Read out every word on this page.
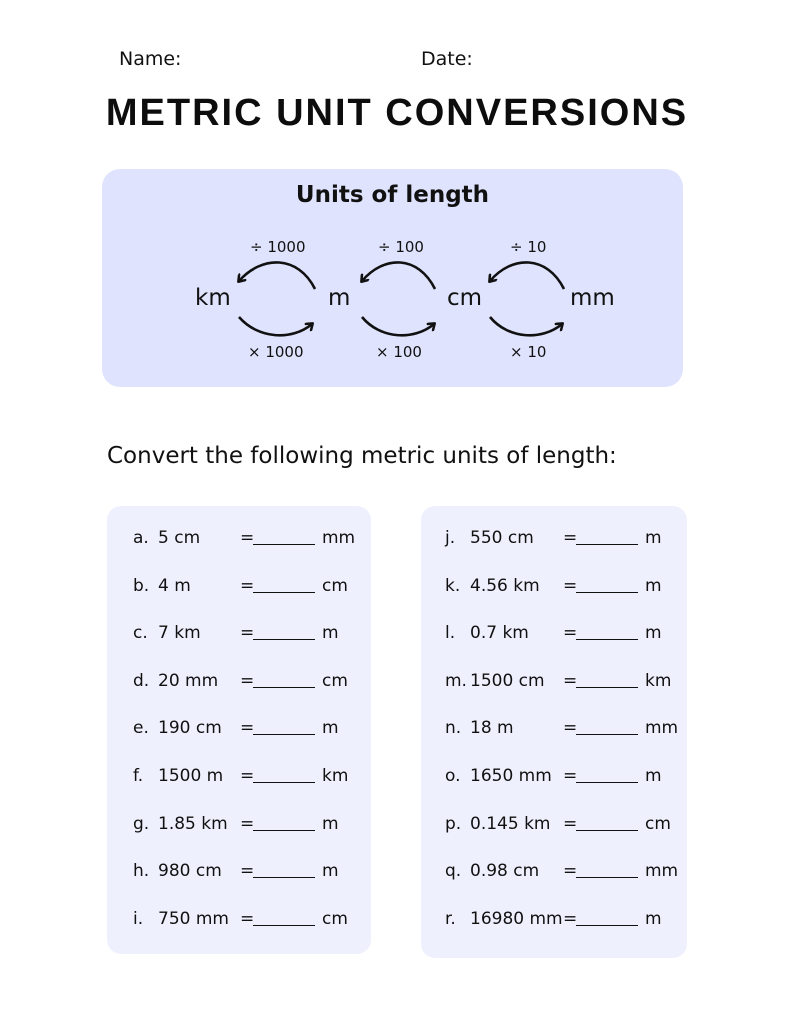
Name:	Date:
METRIC UNIT CONVERSIONS
Units of length
km	m	cm	mm
÷ 1000	÷ 100	÷ 10
× 1000	× 100	× 10
Convert the following metric units of length:
a. 5 cm =	mm
b. 4 m	=	cm
c. 7 km =	m
d. 20 mm =	cm
e. 190 cm =	m
f. 1500 m =	km
g. 1.85 km =	m
h. 980 cm =	m
i. 750 mm =	cm
j. 550 cm =	m
k. 4.56 km =	m
l. 0.7 km =	m
m. 1500 cm =	km
n. 18 m	=	mm
o. 1650 mm =	m
p. 0.145 km =	cm
q. 0.98 cm =	mm
r. 16980 mm =	m
